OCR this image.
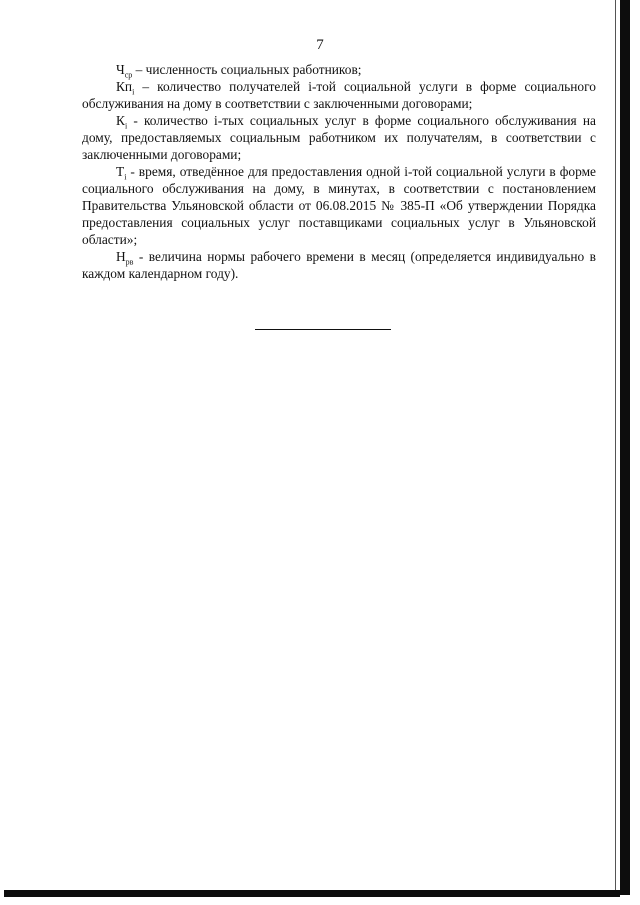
7

$Ч_{ср}$ – численность социальных работников;

$Кп_i$ – количество получателей i-той социальной услуги в форме социального обслуживания на дому в соответствии с заключенными договорами;

$К_i$ - количество i-тых социальных услуг в форме социального обслуживания на дому, предоставляемых социальным работником их получателям, в соответствии с заключенными договорами;

$Т_i$ - время, отведённое для предоставления одной i-той социальной услуги в форме социального обслуживания на дому, в минутах, в соответствии с постановлением Правительства Ульяновской области от 06.08.2015 № 385-П «Об утверждении Порядка предоставления социальных услуг поставщиками социальных услуг в Ульяновской области»;

$Н_{рв}$ - величина нормы рабочего времени в месяц (определяется индивидуально в каждом календарном году).
